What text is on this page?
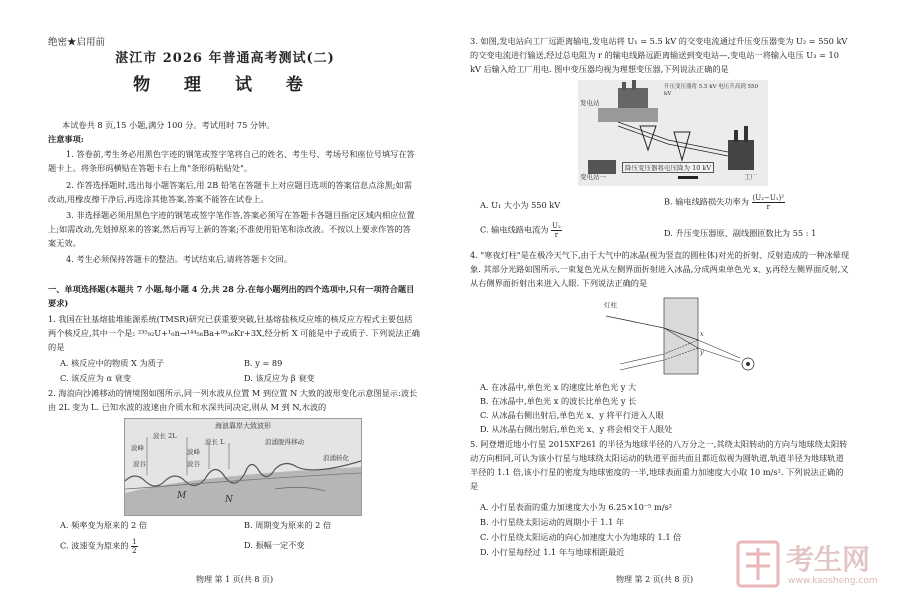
绝密★启用前
湛江市 2026 年普通高考测试(二)
物 理 试 卷
本试卷共 8 页,15 小题,满分 100 分。考试用时 75 分钟。
注意事项:
1. 答卷前,考生务必用黑色字迹的钢笔或签字笔将自己的姓名、考生号、考场号和座位号填写在答题卡上。将条形码横贴在答题卡右上角"条形码粘贴处"。
2. 作答选择题时,选出每小题答案后,用 2B 铅笔在答题卡上对应题目选项的答案信息点涂黑;如需改动,用橡皮擦干净后,再选涂其他答案,答案不能答在试卷上。
3. 非选择题必须用黑色字迹的钢笔或签字笔作答,答案必须写在答题卡各题目指定区域内相应位置上;如需改动,先划掉原来的答案,然后再写上新的答案;不准使用铅笔和涂改液。不按以上要求作答的答案无效。
4. 考生必须保持答题卡的整洁。考试结束后,请将答题卡交回。
一、单项选择题(本题共 7 小题,每小题 4 分,共 28 分.在每小题列出的四个选项中,只有一项符合题目要求)
1. 我国在钍基熔盐堆能源系统(TMSR)研究已获重要突破,钍基熔盐核反应堆的核反应方程式主要包括两个核反应,其中一个是: ²³⁵₉₂U+¹₀n→¹⁴⁴₅₆Ba+⁸⁹₃₆Kr+3X,经分析 X 可能是中子或质子. 下列说法正确的是
A. 核反应中的物质 X 为质子	B. y = 89
C. 该反应为 α 衰变	D. 该反应为 β 衰变
2. 海浪向沙滩移动的情境图如图所示,同一列水波从位置 M 到位置 N 大致的波形变化示意图显示:波长由 2L 变为 L. 已知水波的波速由介质水和水深共同决定,则从 M 到 N,水波的
海浪靠岸大致波形
波长 2L
波长 L
波峰
波谷
波峰
波谷
浪涌脱得移动
浪涌转化
M	N
A. 频率变为原来的 2 倍	B. 周期变为原来的 2 倍
C. 波速变为原来的 $\frac{1}{2}$	D. 振幅一定不变
物理 第 1 页(共 8 页)
3. 如图,发电站向工厂远距离输电,发电站将 U₁ = 5.5 kV 的交变电流通过升压变压器变为 U₂ = 550 kV 的交变电流进行输送,经过总电阻为 r 的输电线路远距离输送到变电站—,变电站一将输入电压 U₃ = 10 kV 后输入给工厂用电. 图中变压器均视为理想变压器,下列说法正确的是
发电站
升压变压器将 5.5 kV 电压升高到 550 kV
变电站一
降压变压器将电压降为 10 kV
工厂
A. U₁ 大小为 550 kV	B. 输电线路损失功率为 $\frac{\text{(U₂−U₁)²}}{r}$
C. 输电线路电流为 $\frac{\text{U₂}}{r}$	D. 升压变压器原、副线圈匝数比为 55 : 1
4. "寒夜灯柱"是在极冷天气下,由于大气中的冰晶(视为竖直的圆柱体)对光的折射、反射造成的一种冰晕现象. 其部分光路如图所示,一束复色光从左侧界面折射进入冰晶,分成两束单色光 x、y,再经左侧界面反射,又从右侧界面折射出来进入人眼. 下列说法正确的是
灯柱
x
y
A. 在冰晶中,单色光 x 的速度比单色光 y 大
B. 在冰晶中,单色光 x 的波长比单色光 y 长
C. 从冰晶右侧出射后,单色光 x、y 将平行进入人眼
D. 从冰晶右侧出射后,单色光 x、y 将会相交于人眼处
5. 阿登增近地小行星 2015XF261 的半径为地球半径的八万分之一,其绕太阳转动的方向与地球绕太阳转动方向相同,可认为该小行星与地球绕太阳运动的轨道平面共面且都近似视为圆轨道,轨道半径为地球轨道半径的 1.1 倍,该小行星的密度为地球密度的一半,地球表面重力加速度大小取 10 m/s². 下列说法正确的是
A. 小行星表面的重力加速度大小为 6.25×10⁻⁵ m/s²
B. 小行星绕太阳运动的周期小于 1.1 年
C. 小行星绕太阳运动的向心加速度大小为地球的 1.1 倍
D. 小行星每经过 1.1 年与地球相距最近
物理 第 2 页(共 8 页)
考生网
www.kaosheng.com
